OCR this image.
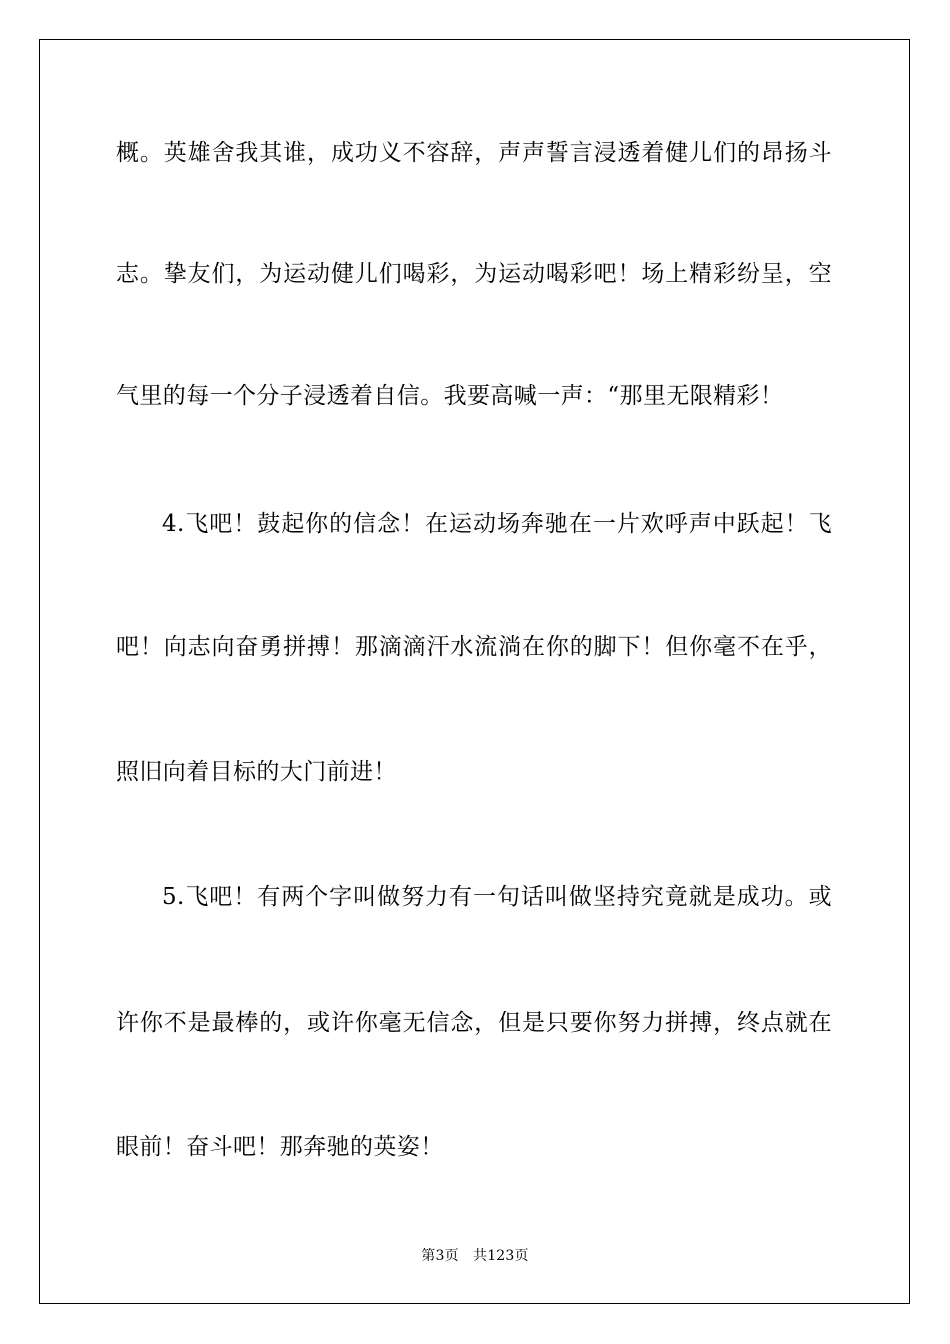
概。英雄舍我其谁，成功义不容辞，声声誓言浸透着健儿们的昂扬斗
志。挚友们，为运动健儿们喝彩，为运动喝彩吧！场上精彩纷呈，空
气里的每一个分子浸透着自信。我要高喊一声：“那里无限精彩！
4.飞吧！鼓起你的信念！在运动场奔驰在一片欢呼声中跃起！飞
吧！向志向奋勇拼搏！那滴滴汗水流淌在你的脚下！但你毫不在乎，
照旧向着目标的大门前进！
5.飞吧！有两个字叫做努力有一句话叫做坚持究竟就是成功。或
许你不是最棒的，或许你毫无信念，但是只要你努力拼搏，终点就在
眼前！奋斗吧！那奔驰的英姿！
第3页　共123页
